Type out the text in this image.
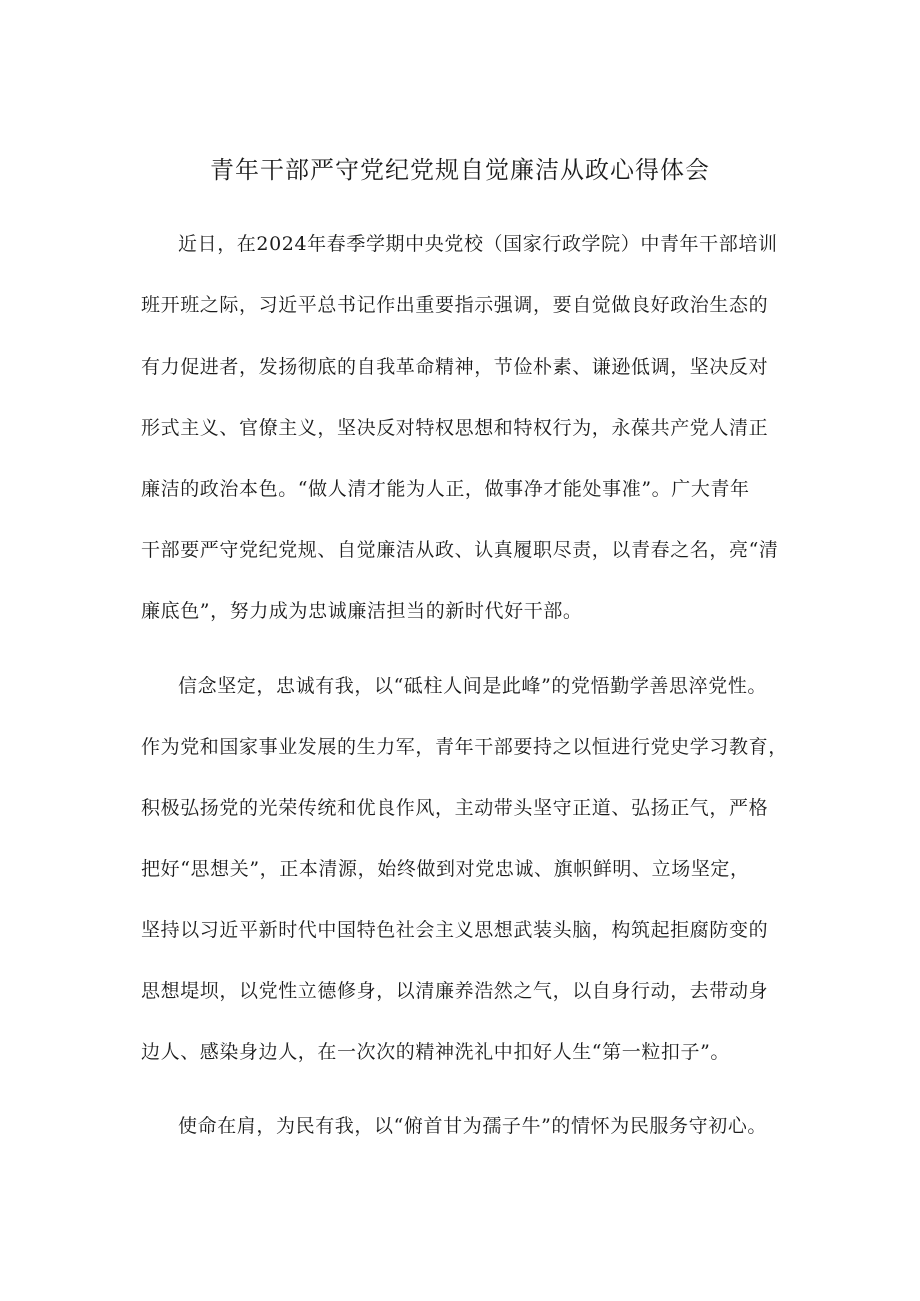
青年干部严守党纪党规自觉廉洁从政心得体会
近日，在2024年春季学期中央党校（国家行政学院）中青年干部培训
班开班之际，习近平总书记作出重要指示强调，要自觉做良好政治生态的
有力促进者，发扬彻底的自我革命精神，节俭朴素、谦逊低调，坚决反对
形式主义、官僚主义，坚决反对特权思想和特权行为，永葆共产党人清正
廉洁的政治本色。“做人清才能为人正，做事净才能处事准”。广大青年
干部要严守党纪党规、自觉廉洁从政、认真履职尽责，以青春之名，亮“清
廉底色”，努力成为忠诚廉洁担当的新时代好干部。
信念坚定，忠诚有我，以“砥柱人间是此峰”的党悟勤学善思淬党性。
作为党和国家事业发展的生力军，青年干部要持之以恒进行党史学习教育，
积极弘扬党的光荣传统和优良作风，主动带头坚守正道、弘扬正气，严格
把好“思想关”，正本清源，始终做到对党忠诚、旗帜鲜明、立场坚定，
坚持以习近平新时代中国特色社会主义思想武装头脑，构筑起拒腐防变的
思想堤坝，以党性立德修身，以清廉养浩然之气，以自身行动，去带动身
边人、感染身边人，在一次次的精神洗礼中扣好人生“第一粒扣子”。
使命在肩，为民有我，以“俯首甘为孺子牛”的情怀为民服务守初心。
